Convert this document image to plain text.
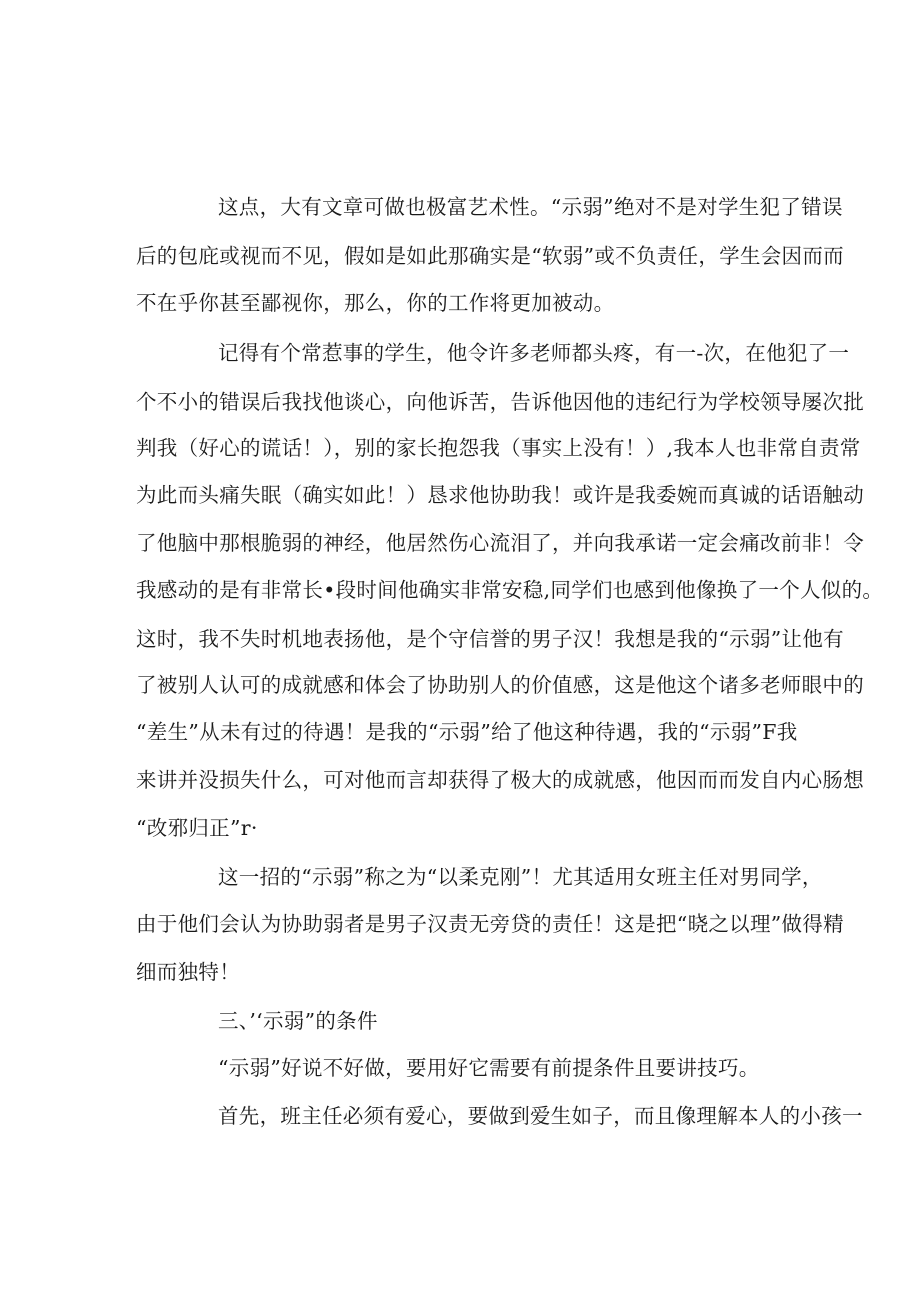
这点，大有文章可做也极富艺术性。“示弱”绝对不是对学生犯了错误
后的包庇或视而不见，假如是如此那确实是“软弱”或不负责任，学生会因而而
不在乎你甚至鄙视你，那么，你的工作将更加被动。
记得有个常惹事的学生，他令许多老师都头疼，有一-次，在他犯了一
个不小的错误后我找他谈心，向他诉苦，告诉他因他的违纪行为学校领导屡次批
判我（好心的谎话！），别的家长抱怨我（事实上没有！）,我本人也非常自责常
为此而头痛失眠（确实如此！）恳求他协助我！或许是我委婉而真诚的话语触动
了他脑中那根脆弱的神经，他居然伤心流泪了，并向我承诺一定会痛改前非！令
我感动的是有非常长•段时间他确实非常安稳,同学们也感到他像换了一个人似的。
这时，我不失时机地表扬他，是个守信誉的男子汉！我想是我的“示弱”让他有
了被别人认可的成就感和体会了协助别人的价值感，这是他这个诸多老师眼中的
“差生”从未有过的待遇！是我的“示弱”给了他这种待遇，我的“示弱”F我
来讲并没损失什么，可对他而言却获得了极大的成就感，他因而而发自内心肠想
“改邪归正”r·
这一招的“示弱”称之为“以柔克刚”！尤其适用女班主任对男同学，
由于他们会认为协助弱者是男子汉责无旁贷的责任！这是把“晓之以理”做得精
细而独特！
三、’‘示弱”的条件
“示弱”好说不好做，要用好它需要有前提条件且要讲技巧。
首先，班主任必须有爱心，要做到爱生如子，而且像理解本人的小孩一
